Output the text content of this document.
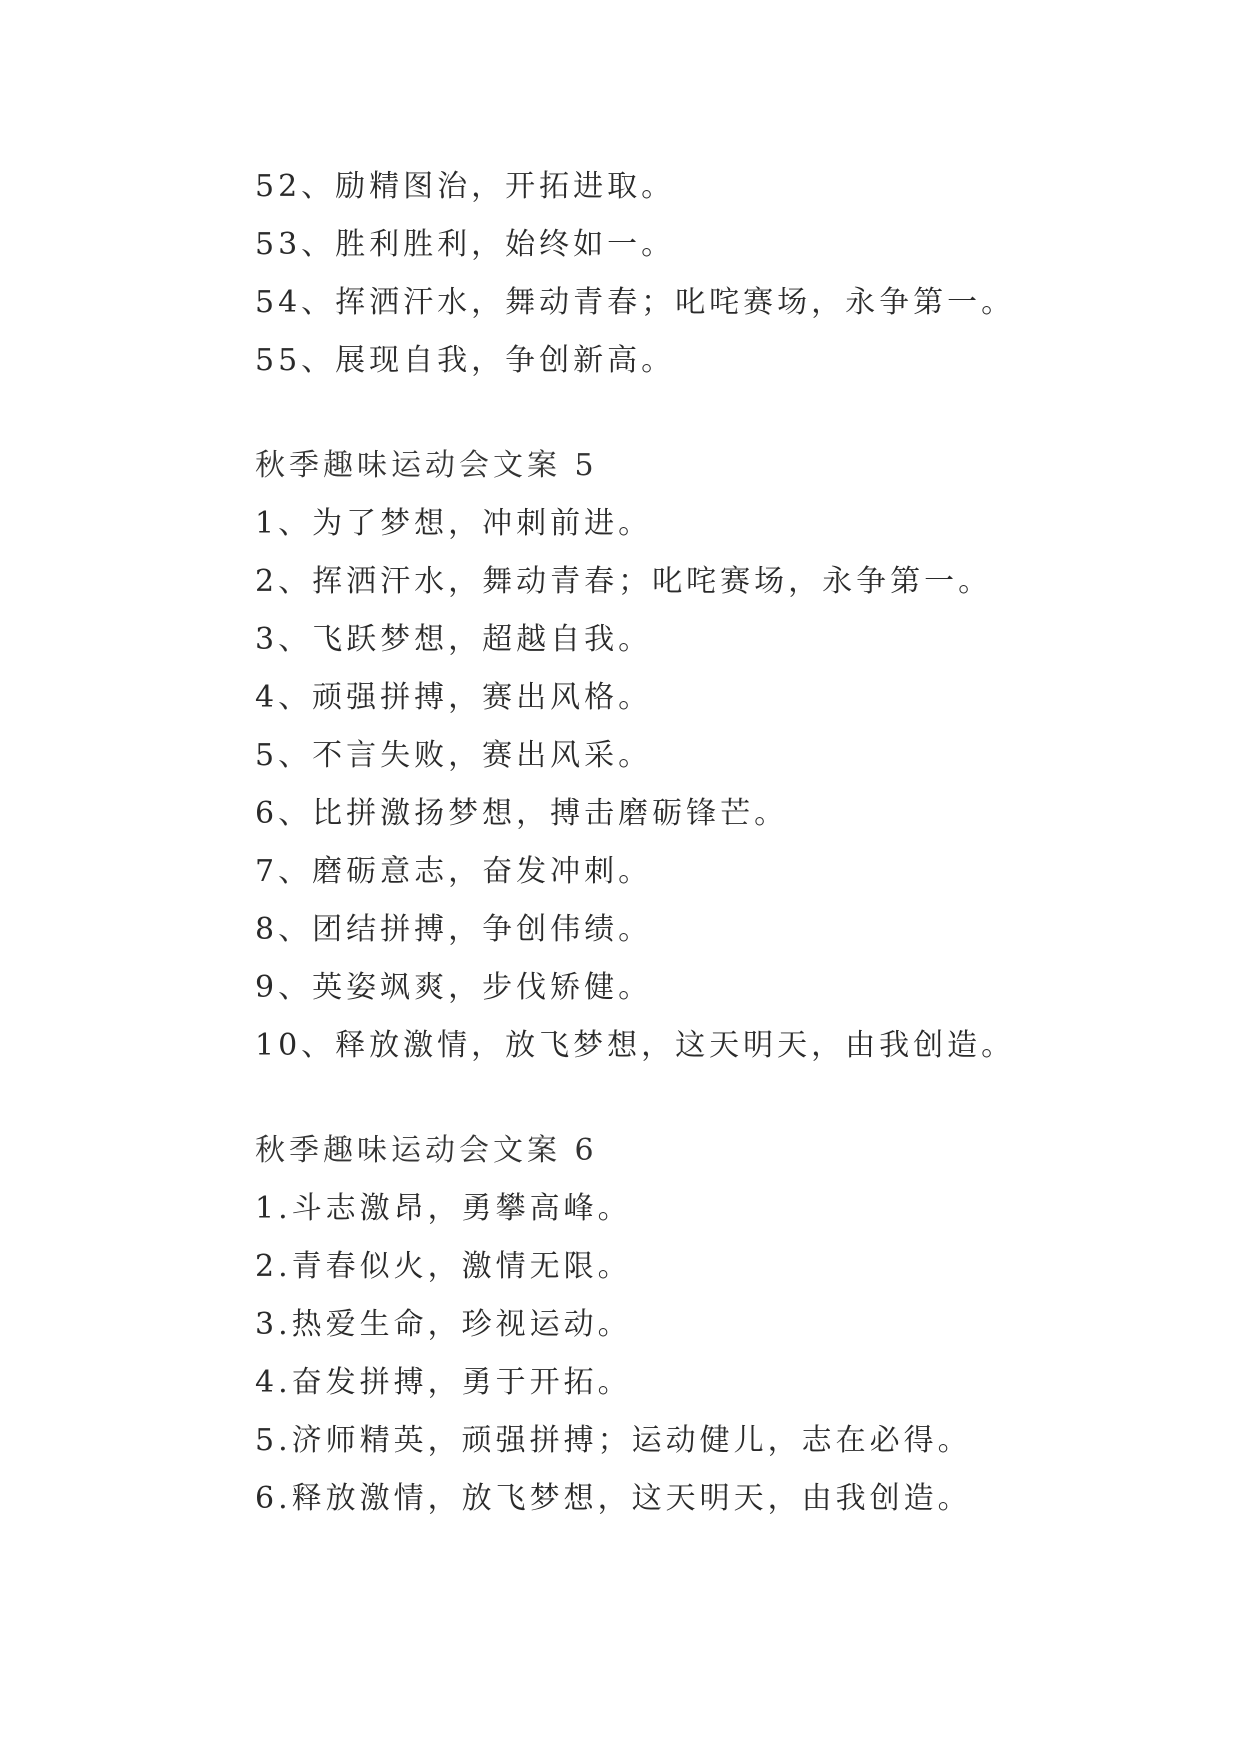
52、励精图治，开拓进取。
53、胜利胜利，始终如一。
54、挥洒汗水，舞动青春；叱咤赛场，永争第一。
55、展现自我，争创新高。
秋季趣味运动会文案 5
1、为了梦想，冲刺前进。
2、挥洒汗水，舞动青春；叱咤赛场，永争第一。
3、飞跃梦想，超越自我。
4、顽强拼搏，赛出风格。
5、不言失败，赛出风采。
6、比拼激扬梦想，搏击磨砺锋芒。
7、磨砺意志，奋发冲刺。
8、团结拼搏，争创伟绩。
9、英姿飒爽，步伐矫健。
10、释放激情，放飞梦想，这天明天，由我创造。
秋季趣味运动会文案 6
1.斗志激昂，勇攀高峰。
2.青春似火，激情无限。
3.热爱生命，珍视运动。
4.奋发拼搏，勇于开拓。
5.济师精英，顽强拼搏；运动健儿，志在必得。
6.释放激情，放飞梦想，这天明天，由我创造。
